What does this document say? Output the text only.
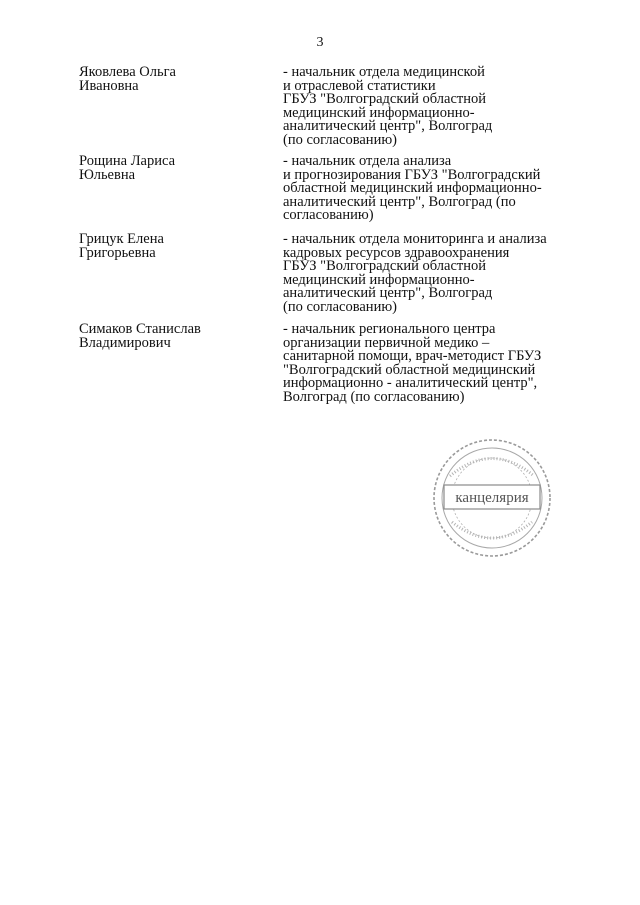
3
Яковлева Ольга
Ивановна
- начальник отдела медицинской
и отраслевой статистики
ГБУЗ "Волгоградский областной
медицинский информационно-
аналитический центр", Волгоград
(по согласованию)
Рощина Лариса
Юльевна
- начальник отдела анализа
и прогнозирования ГБУЗ "Волгоградский
областной медицинский информационно-
аналитический центр", Волгоград (по
согласованию)
Грицук Елена
Григорьевна
- начальник отдела мониторинга и анализа
кадровых ресурсов здравоохранения
ГБУЗ "Волгоградский областной
медицинский информационно-
аналитический центр", Волгоград
(по согласованию)
Симаков Станислав
Владимирович
- начальник регионального центра
организации первичной медико –
санитарной помощи, врач-методист ГБУЗ
"Волгоградский областной медицинский
информационно - аналитический центр",
Волгоград (по согласованию)
канцелярия
